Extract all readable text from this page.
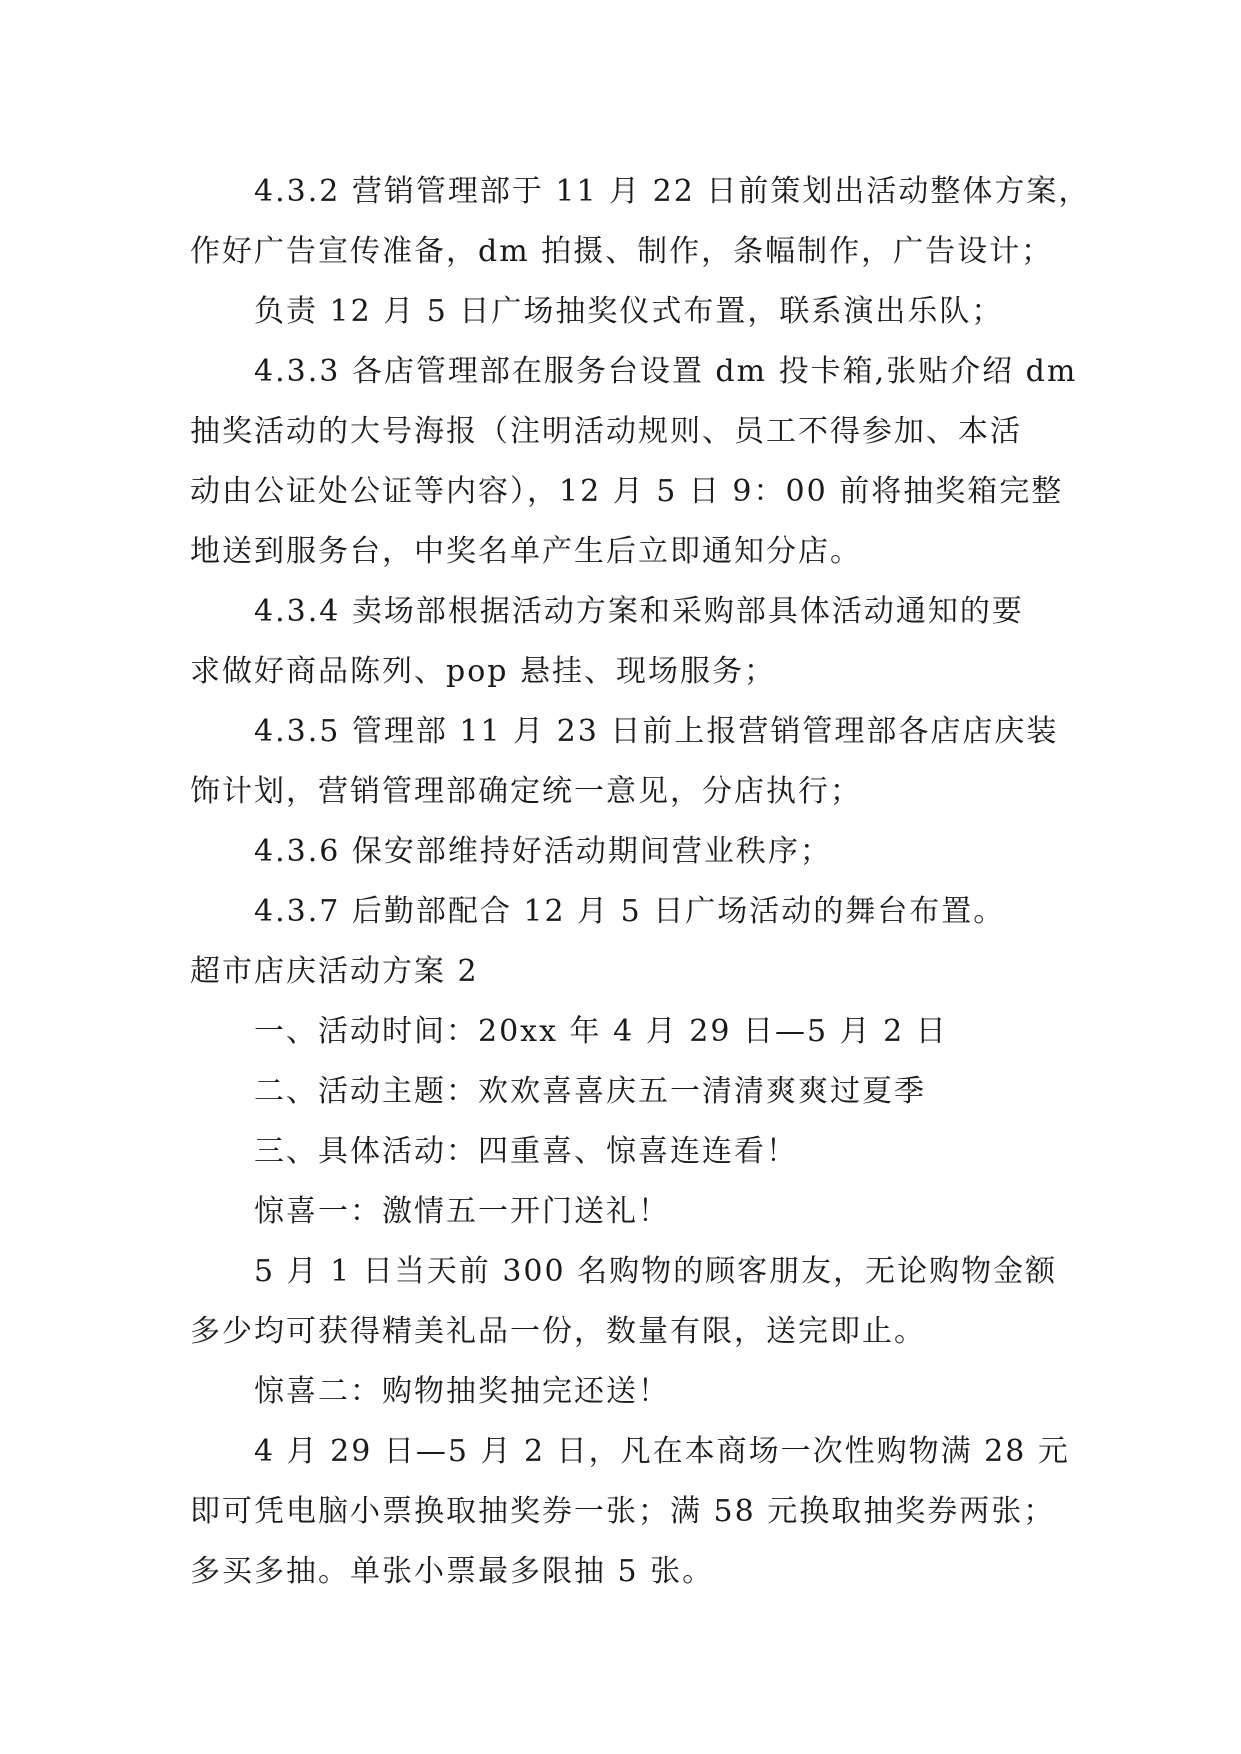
4.3.2 营销管理部于 11 月 22 日前策划出活动整体方案，
作好广告宣传准备，dm 拍摄、制作，条幅制作，广告设计；

负责 12 月 5 日广场抽奖仪式布置，联系演出乐队；

4.3.3 各店管理部在服务台设置 dm 投卡箱,张贴介绍 dm
抽奖活动的大号海报（注明活动规则、员工不得参加、本活
动由公证处公证等内容），12 月 5 日 9：00 前将抽奖箱完整
地送到服务台，中奖名单产生后立即通知分店。

4.3.4 卖场部根据活动方案和采购部具体活动通知的要
求做好商品陈列、pop 悬挂、现场服务；

4.3.5 管理部 11 月 23 日前上报营销管理部各店店庆装
饰计划，营销管理部确定统一意见，分店执行；

4.3.6 保安部维持好活动期间营业秩序；

4.3.7 后勤部配合 12 月 5 日广场活动的舞台布置。

超市店庆活动方案 2

一、活动时间：20xx 年 4 月 29 日—5 月 2 日

二、活动主题：欢欢喜喜庆五一清清爽爽过夏季

三、具体活动：四重喜、惊喜连连看！

惊喜一：激情五一开门送礼！

5 月 1 日当天前 300 名购物的顾客朋友，无论购物金额
多少均可获得精美礼品一份，数量有限，送完即止。

惊喜二：购物抽奖抽完还送！

4 月 29 日—5 月 2 日，凡在本商场一次性购物满 28 元
即可凭电脑小票换取抽奖券一张；满 58 元换取抽奖券两张；
多买多抽。单张小票最多限抽 5 张。
